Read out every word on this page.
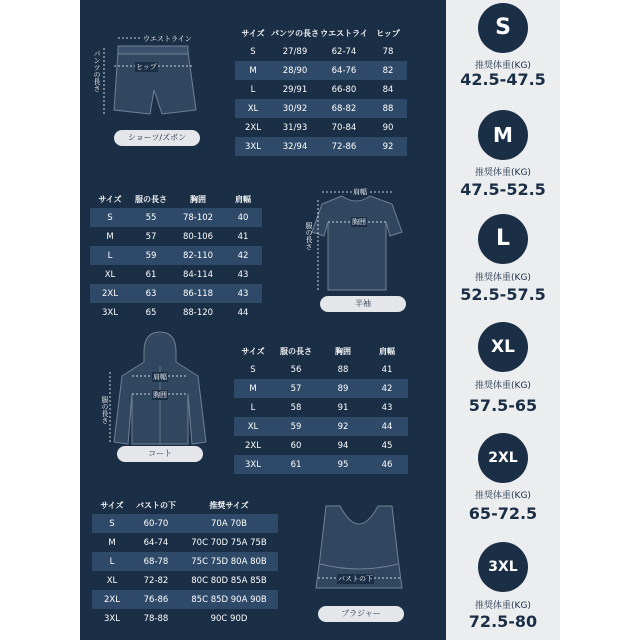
ウエストライン
ヒップ
パンツの長さ
ショーツ/ズボン
サイズ	パンツの長さ	ウエストライ	ヒップ
S	27/89	62-74	78
M	28/90	64-76	82
L	29/91	66-80	84
XL	30/92	68-82	88
2XL	31/93	70-84	90
3XL	32/94	72-86	92
サイズ	服の長さ	胸囲	肩幅
S	55	78-102	40
M	57	80-106	41
L	59	82-110	42
XL	61	84-114	43
2XL	63	86-118	43
3XL	65	88-120	44
肩幅
胸囲
服の長さ
半袖
肩幅
胸囲
服の長さ
コート
サイズ	服の長さ	胸囲	肩幅
S	56	88	41
M	57	89	42
L	58	91	43
XL	59	92	44
2XL	60	94	45
3XL	61	95	46
サイズ	バストの下	推奨サイズ
S	60-70	70A 70B
M	64-74	70C 70D 75A 75B
L	68-78	75C 75D 80A 80B
XL	72-82	80C 80D 85A 85B
2XL	76-86	85C 85D 90A 90B
3XL	78-88	90C 90D
バストの下
ブラジャー
S
推奨体重(KG)
42.5-47.5
M
推奨体重(KG)
47.5-52.5
L
推奨体重(KG)
52.5-57.5
XL
推奨体重(KG)
57.5-65
2XL
推奨体重(KG)
65-72.5
3XL
推奨体重(KG)
72.5-80
